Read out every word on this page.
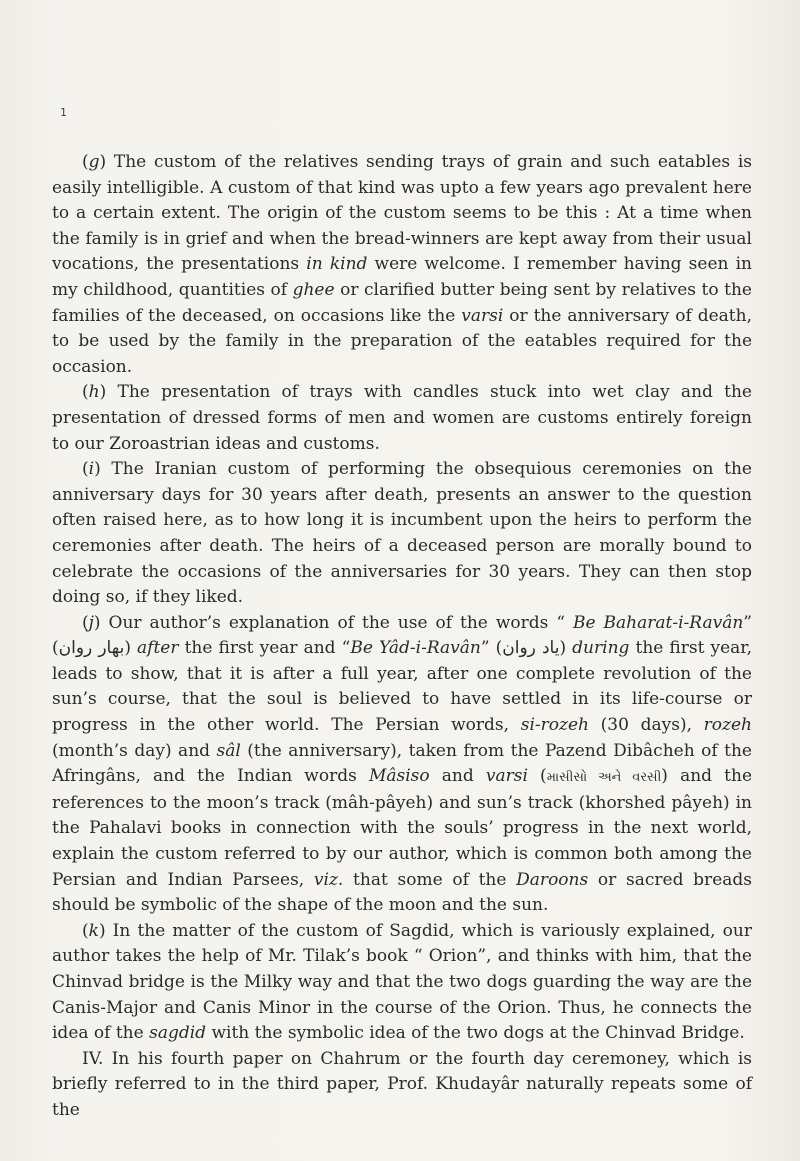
1

(g) The custom of the relatives sending trays of grain and such eatables is easily intelligible. A custom of that kind was upto a few years ago prevalent here to a certain extent. The origin of the custom seems to be this : At a time when the family is in grief and when the bread-winners are kept away from their usual vocations, the presentations in kind were welcome. I remember having seen in my childhood, quantities of ghee or clarified butter being sent by relatives to the families of the deceased, on occasions like the varsi or the anniversary of death, to be used by the family in the preparation of the eatables required for the occasion.

(h) The presentation of trays with candles stuck into wet clay and the presentation of dressed forms of men and women are customs entirely foreign to our Zoroastrian ideas and customs.

(i) The Iranian custom of performing the obsequious ceremonies on the anniversary days for 30 years after death, presents an answer to the question often raised here, as to how long it is incumbent upon the heirs to perform the ceremonies after death. The heirs of a deceased person are morally bound to celebrate the occasions of the anniversaries for 30 years. They can then stop doing so, if they liked.

(j) Our author’s explanation of the use of the words “ Be Baharat-i-Ravân” (بهار روان) after the first year and “Be Yâd-i-Ravân” (یاد روان) during the first year, leads to show, that it is after a full year, after one complete revolution of the sun’s course, that the soul is believed to have settled in its life-course or progress in the other world. The Persian words, si-rozeh (30 days), rozeh (month’s day) and sâl (the anniversary), taken from the Pazend Dibâcheh of the Afringâns, and the Indian words Mâsiso and varsi (માસીસો અને વરસી) and the references to the moon’s track (mâh-pâyeh) and sun’s track (khorshed pâyeh) in the Pahalavi books in connection with the souls’ progress in the next world, explain the custom referred to by our author, which is common both among the Persian and Indian Parsees, viz. that some of the Daroons or sacred breads should be symbolic of the shape of the moon and the sun.

(k) In the matter of the custom of Sagdid, which is variously explained, our author takes the help of Mr. Tilak’s book “ Orion”, and thinks with him, that the Chinvad bridge is the Milky way and that the two dogs guarding the way are the Canis-Major and Canis Minor in the course of the Orion. Thus, he connects the idea of the sagdid with the symbolic idea of the two dogs at the Chinvad Bridge.

IV. In his fourth paper on Chahrum or the fourth day ceremoney, which is briefly referred to in the third paper, Prof. Khudayâr naturally repeats some of the
